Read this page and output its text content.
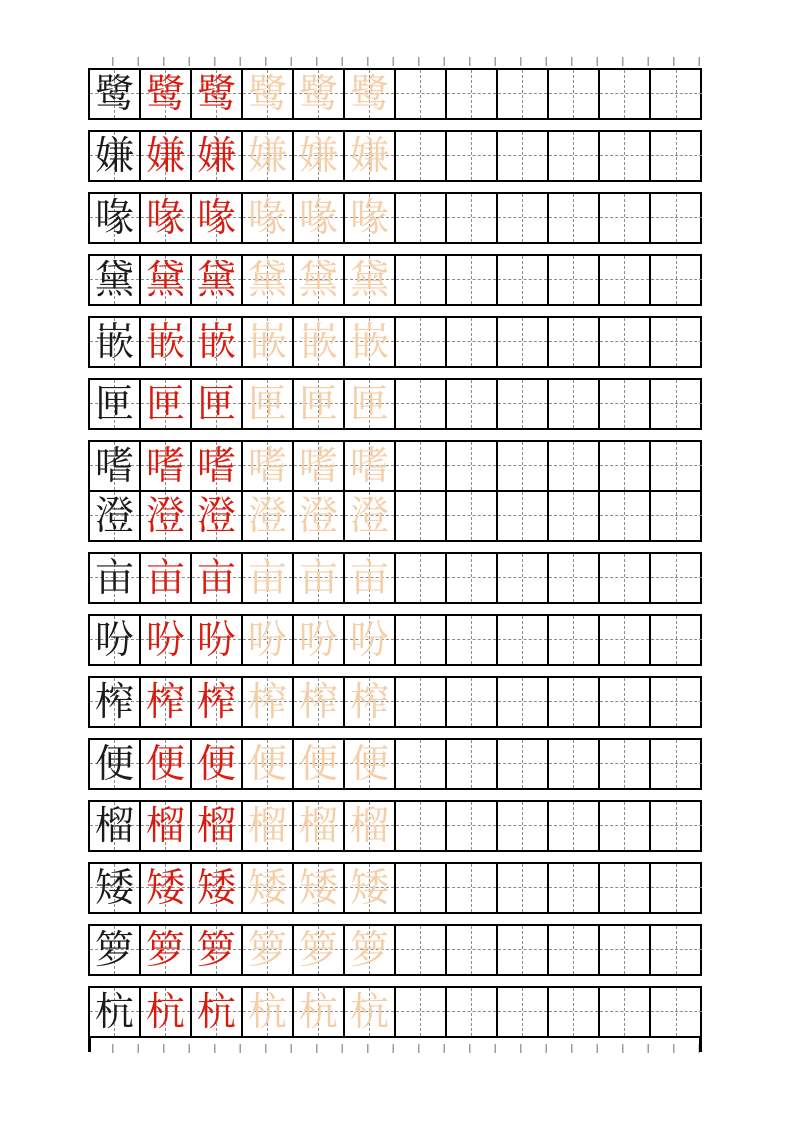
鹭 鹭 鹭 鹭 鹭 鹭
嫌 嫌 嫌 嫌 嫌 嫌
喙 喙 喙 喙 喙 喙
黛 黛 黛 黛 黛 黛
嵌 嵌 嵌 嵌 嵌 嵌
匣 匣 匣 匣 匣 匣
嗜 嗜 嗜 嗜 嗜 嗜
澄 澄 澄 澄 澄 澄
亩 亩 亩 亩 亩 亩
吩 吩 吩 吩 吩 吩
榨 榨 榨 榨 榨 榨
便 便 便 便 便 便
榴 榴 榴 榴 榴 榴
矮 矮 矮 矮 矮 矮
箩 箩 箩 箩 箩 箩
杭 杭 杭 杭 杭 杭
